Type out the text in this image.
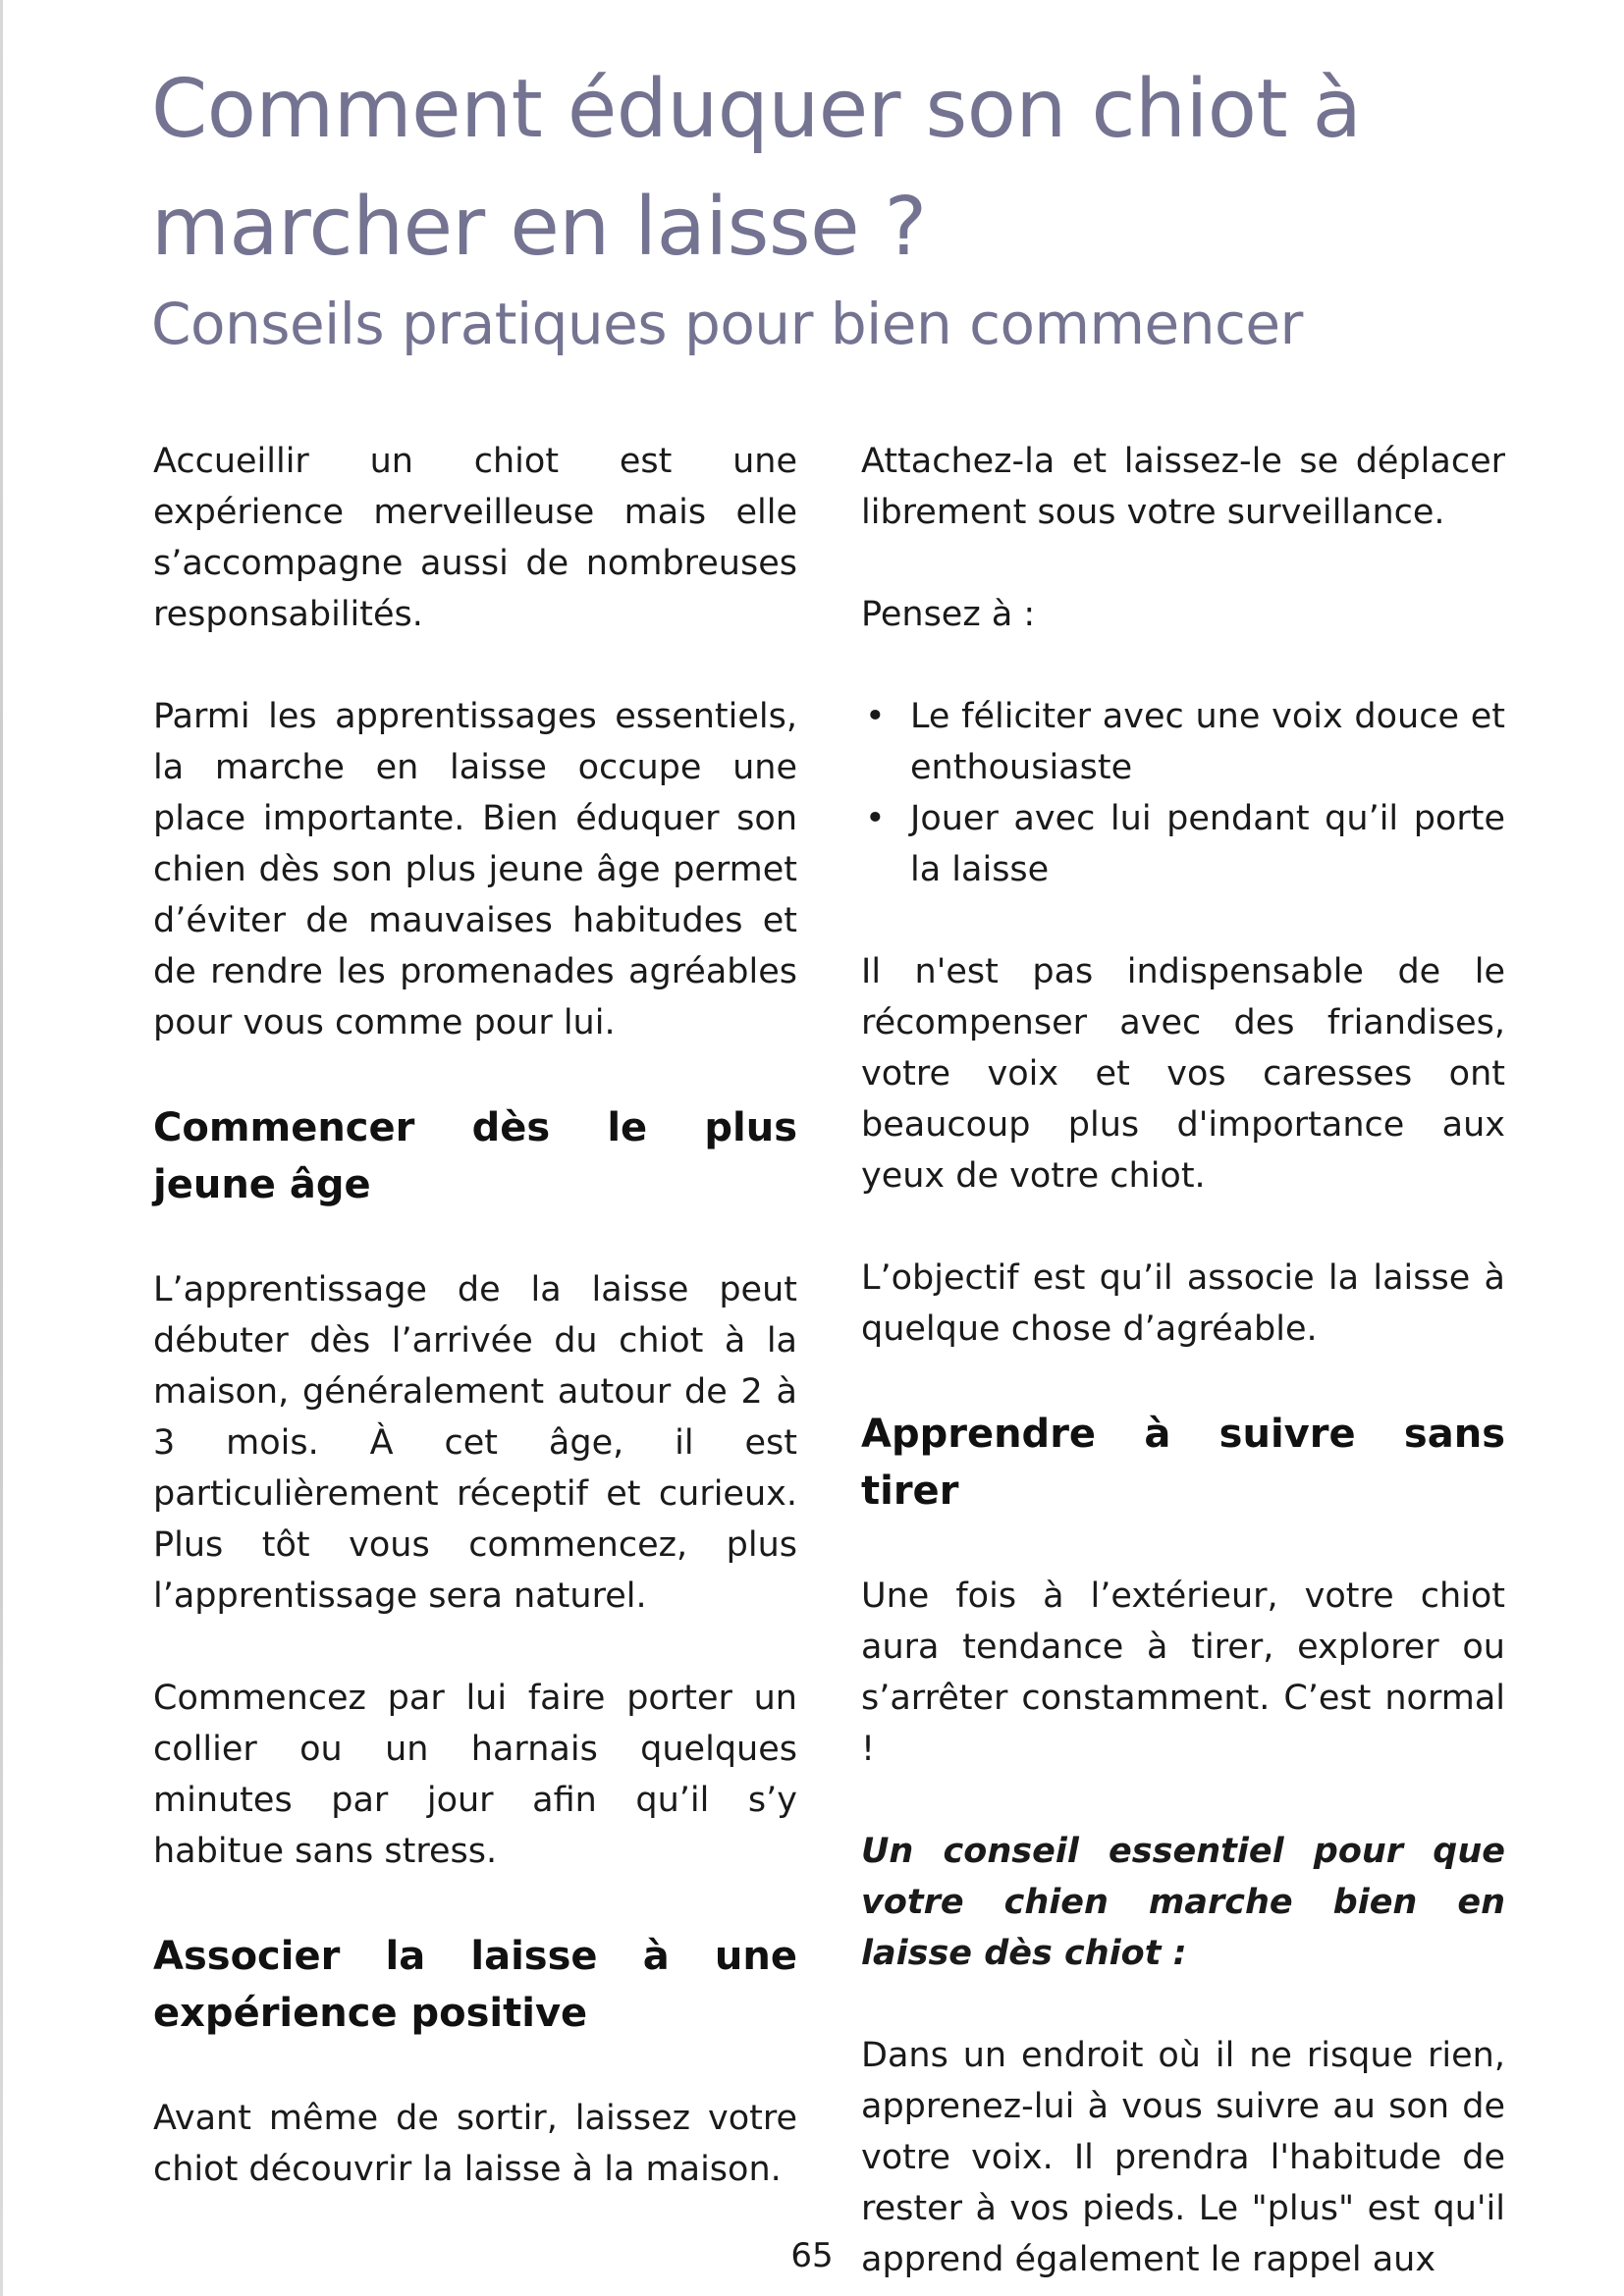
Comment éduquer son chiot à
marcher en laisse ?
Conseils pratiques pour bien commencer

Accueillir un chiot est une expérience merveilleuse mais elle s’accompagne aussi de nombreuses responsabilités.

Parmi les apprentissages essentiels, la marche en laisse occupe une place importante. Bien éduquer son chien dès son plus jeune âge permet d’éviter de mauvaises habitudes et de rendre les promenades agréables pour vous comme pour lui.

Commencer dès le plus jeune âge

L’apprentissage de la laisse peut débuter dès l’arrivée du chiot à la maison, généralement autour de 2 à 3 mois. À cet âge, il est particulièrement réceptif et curieux. Plus tôt vous commencez, plus l’apprentissage sera naturel.

Commencez par lui faire porter un collier ou un harnais quelques minutes par jour afin qu’il s’y habitue sans stress.

Associer la laisse à une expérience positive

Avant même de sortir, laissez votre chiot découvrir la laisse à la maison.

Attachez-la et laissez-le se déplacer librement sous votre surveillance.

Pensez à :

• Le féliciter avec une voix douce et enthousiaste
• Jouer avec lui pendant qu’il porte la laisse

Il n'est pas indispensable de le récompenser avec des friandises, votre voix et vos caresses ont beaucoup plus d'importance aux yeux de votre chiot.

L’objectif est qu’il associe la laisse à quelque chose d’agréable.

Apprendre à suivre sans tirer

Une fois à l’extérieur, votre chiot aura tendance à tirer, explorer ou s’arrêter constamment. C’est normal !

Un conseil essentiel pour que votre chien marche bien en laisse dès chiot :

Dans un endroit où il ne risque rien, apprenez-lui à vous suivre au son de votre voix. Il prendra l'habitude de rester à vos pieds. Le "plus" est qu'il apprend également le rappel aux

65
